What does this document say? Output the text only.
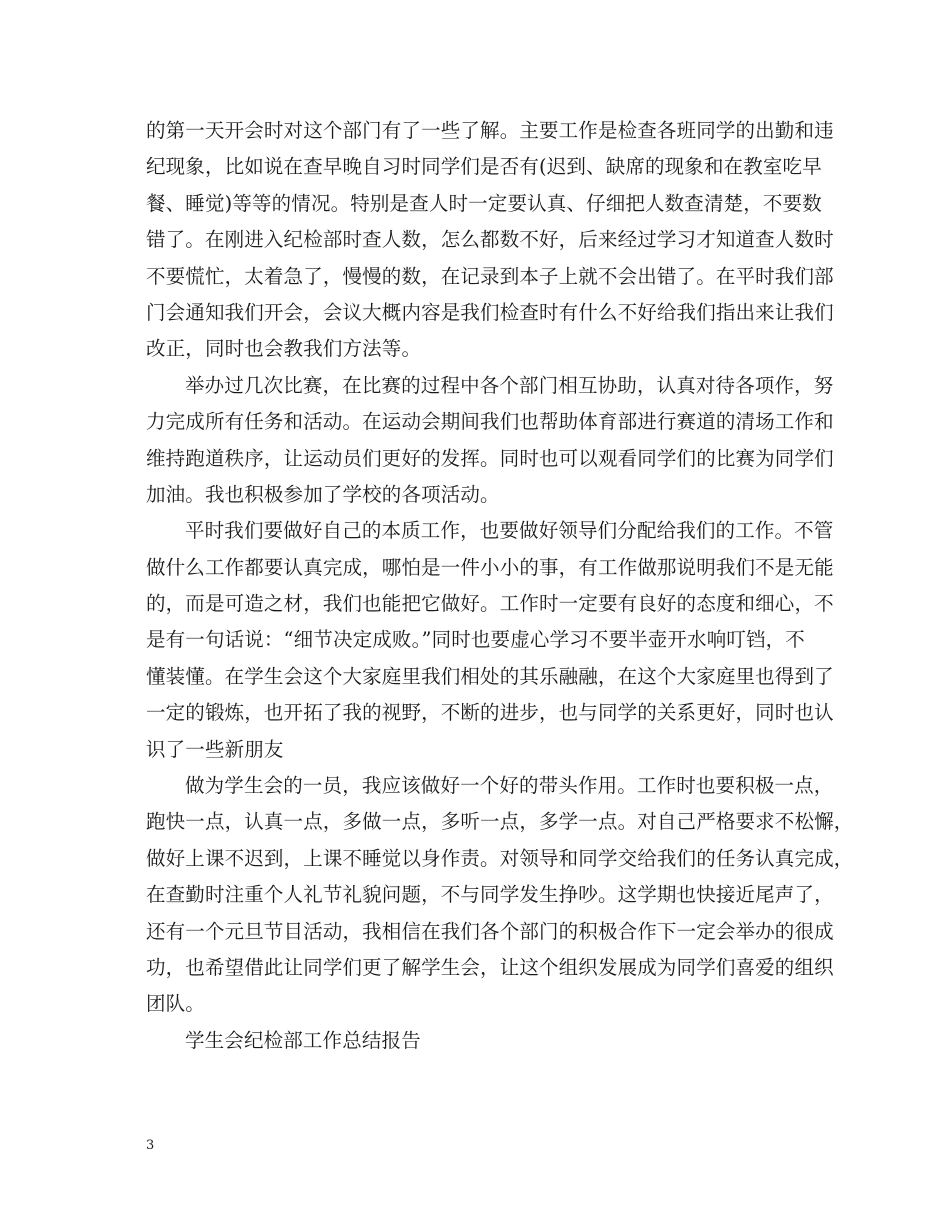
的第一天开会时对这个部门有了一些了解。主要工作是检查各班同学的出勤和违
纪现象，比如说在查早晚自习时同学们是否有(迟到、缺席的现象和在教室吃早
餐、睡觉)等等的情况。特别是查人时一定要认真、仔细把人数查清楚，不要数
错了。在刚进入纪检部时查人数，怎么都数不好，后来经过学习才知道查人数时
不要慌忙，太着急了，慢慢的数，在记录到本子上就不会出错了。在平时我们部
门会通知我们开会，会议大概内容是我们检查时有什么不好给我们指出来让我们
改正，同时也会教我们方法等。
举办过几次比赛，在比赛的过程中各个部门相互协助，认真对待各项作，努
力完成所有任务和活动。在运动会期间我们也帮助体育部进行赛道的清场工作和
维持跑道秩序，让运动员们更好的发挥。同时也可以观看同学们的比赛为同学们
加油。我也积极参加了学校的各项活动。
平时我们要做好自己的本质工作，也要做好领导们分配给我们的工作。不管
做什么工作都要认真完成，哪怕是一件小小的事，有工作做那说明我们不是无能
的，而是可造之材，我们也能把它做好。工作时一定要有良好的态度和细心，不
是有一句话说：“细节决定成败。”同时也要虚心学习不要半壶开水响叮铛，不
懂装懂。在学生会这个大家庭里我们相处的其乐融融，在这个大家庭里也得到了
一定的锻炼，也开拓了我的视野，不断的进步，也与同学的关系更好，同时也认
识了一些新朋友
做为学生会的一员，我应该做好一个好的带头作用。工作时也要积极一点，
跑快一点，认真一点，多做一点，多听一点，多学一点。对自己严格要求不松懈，
做好上课不迟到，上课不睡觉以身作责。对领导和同学交给我们的任务认真完成，
在查勤时注重个人礼节礼貌问题，不与同学发生挣吵。这学期也快接近尾声了，
还有一个元旦节目活动，我相信在我们各个部门的积极合作下一定会举办的很成
功，也希望借此让同学们更了解学生会，让这个组织发展成为同学们喜爱的组织
团队。
学生会纪检部工作总结报告
3
